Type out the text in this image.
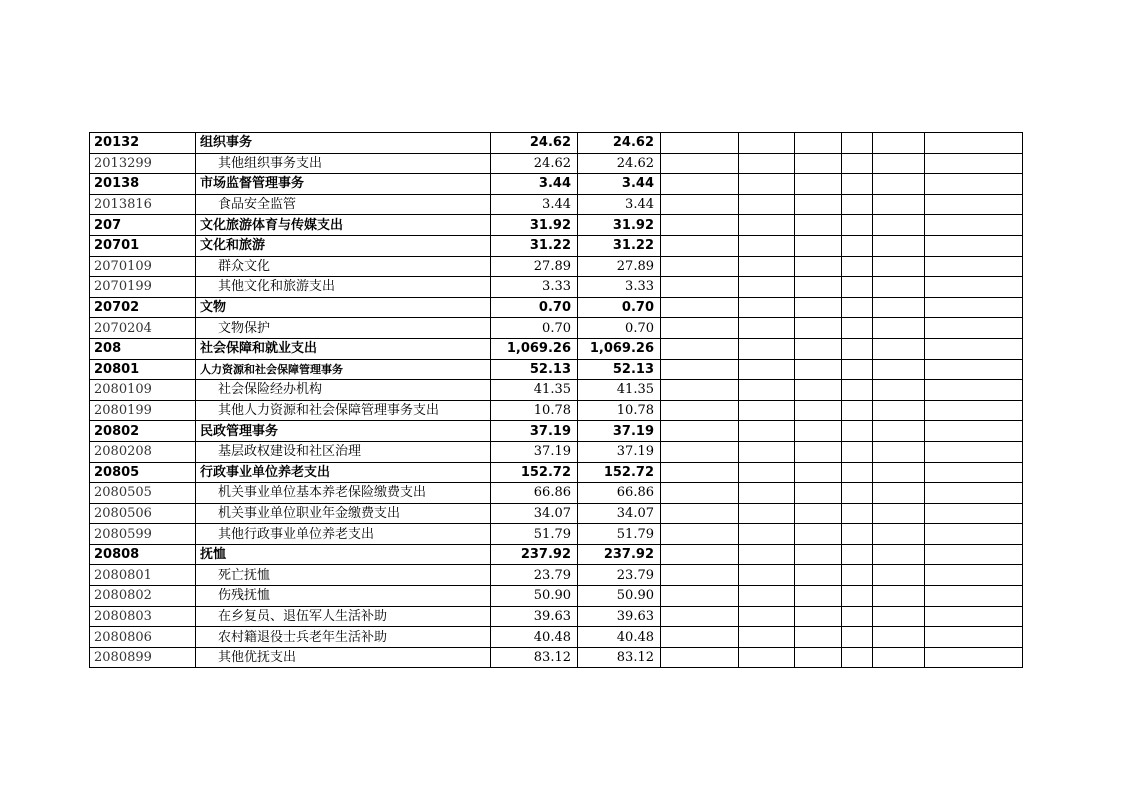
20132	组织事务	24.62	24.62						
2013299	其他组织事务支出	24.62	24.62						
20138	市场监督管理事务	3.44	3.44						
2013816	食品安全监管	3.44	3.44						
207	文化旅游体育与传媒支出	31.92	31.92						
20701	文化和旅游	31.22	31.22						
2070109	群众文化	27.89	27.89						
2070199	其他文化和旅游支出	3.33	3.33						
20702	文物	0.70	0.70						
2070204	文物保护	0.70	0.70						
208	社会保障和就业支出	1,069.26	1,069.26						
20801	人力资源和社会保障管理事务	52.13	52.13						
2080109	社会保险经办机构	41.35	41.35						
2080199	其他人力资源和社会保障管理事务支出	10.78	10.78						
20802	民政管理事务	37.19	37.19						
2080208	基层政权建设和社区治理	37.19	37.19						
20805	行政事业单位养老支出	152.72	152.72						
2080505	机关事业单位基本养老保险缴费支出	66.86	66.86						
2080506	机关事业单位职业年金缴费支出	34.07	34.07						
2080599	其他行政事业单位养老支出	51.79	51.79						
20808	抚恤	237.92	237.92						
2080801	死亡抚恤	23.79	23.79						
2080802	伤残抚恤	50.90	50.90						
2080803	在乡复员、退伍军人生活补助	39.63	39.63						
2080806	农村籍退役士兵老年生活补助	40.48	40.48						
2080899	其他优抚支出	83.12	83.12						
